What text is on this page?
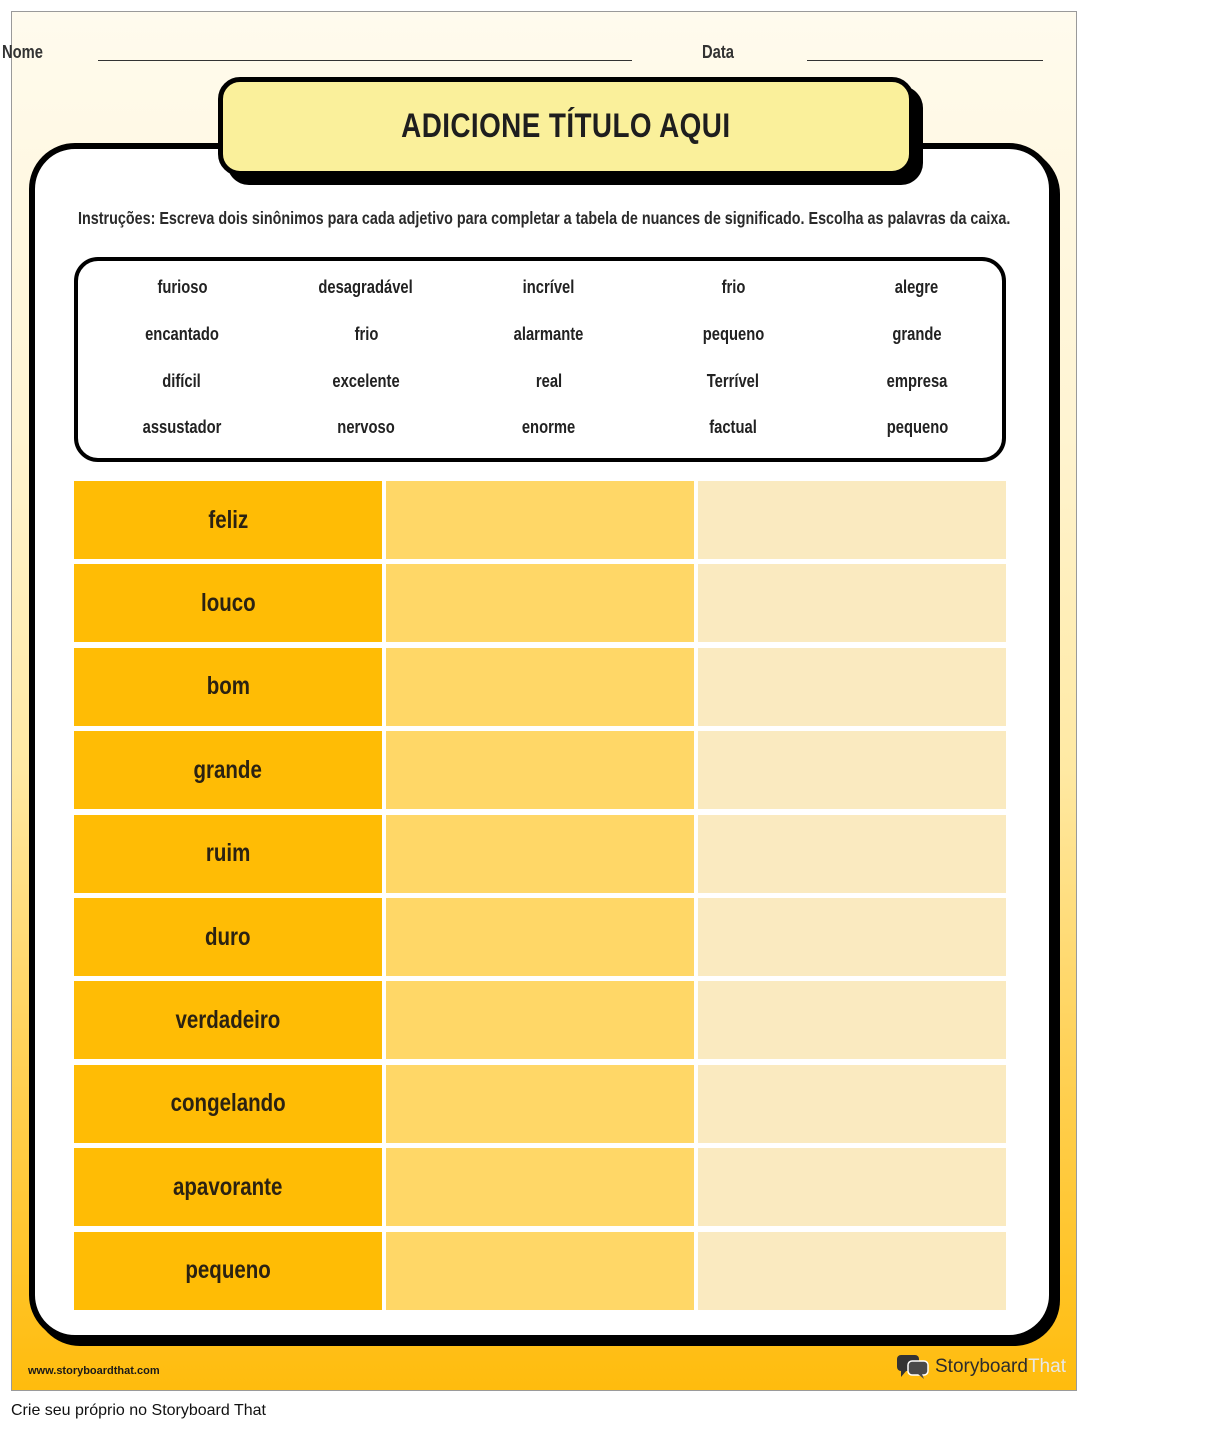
Nome	Data
ADICIONE TÍTULO AQUI
Instruções: Escreva dois sinônimos para cada adjetivo para completar a tabela de nuances de significado. Escolha as palavras da caixa.
furioso	desagradável	incrível	frio	alegre
encantado	frio	alarmante	pequeno	grande
difícil	excelente	real	Terrível	empresa
assustador	nervoso	enorme	factual	pequeno
feliz
louco
bom
grande
ruim
duro
verdadeiro
congelando
apavorante
pequeno
www.storyboardthat.com	StoryboardThat
Crie seu próprio no Storyboard That
